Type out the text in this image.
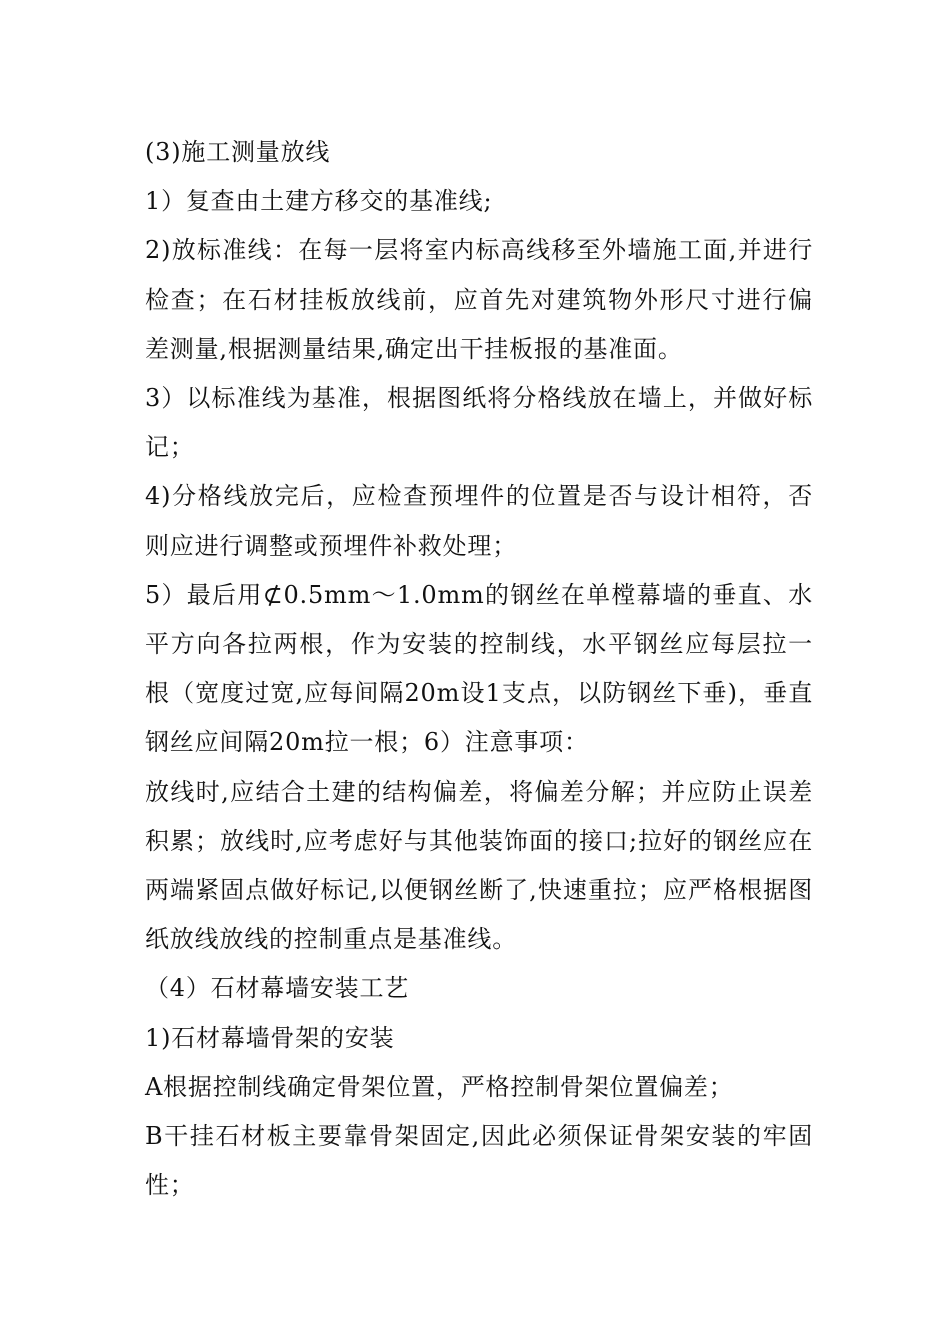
(3)施工测量放线

1）复查由土建方移交的基准线;

2)放标准线：在每一层将室内标高线移至外墙施工面,并进行检查；在石材挂板放线前，应首先对建筑物外形尺寸进行偏差测量,根据测量结果,确定出干挂板报的基准面。

3）以标准线为基准，根据图纸将分格线放在墙上，并做好标记；

4)分格线放完后，应检查预埋件的位置是否与设计相符，否则应进行调整或预埋件补救处理；

5）最后用⊄0.5mm～1.0mm的钢丝在单樘幕墙的垂直、水平方向各拉两根，作为安装的控制线，水平钢丝应每层拉一根（宽度过宽,应每间隔20m设1支点，以防钢丝下垂)，垂直钢丝应间隔20m拉一根；6）注意事项：

放线时,应结合土建的结构偏差，将偏差分解；并应防止误差积累；放线时,应考虑好与其他装饰面的接口;拉好的钢丝应在两端紧固点做好标记,以便钢丝断了,快速重拉；应严格根据图纸放线放线的控制重点是基准线。

（4）石材幕墙安装工艺

1)石材幕墙骨架的安装

A根据控制线确定骨架位置，严格控制骨架位置偏差；

B干挂石材板主要靠骨架固定,因此必须保证骨架安装的牢固性；
